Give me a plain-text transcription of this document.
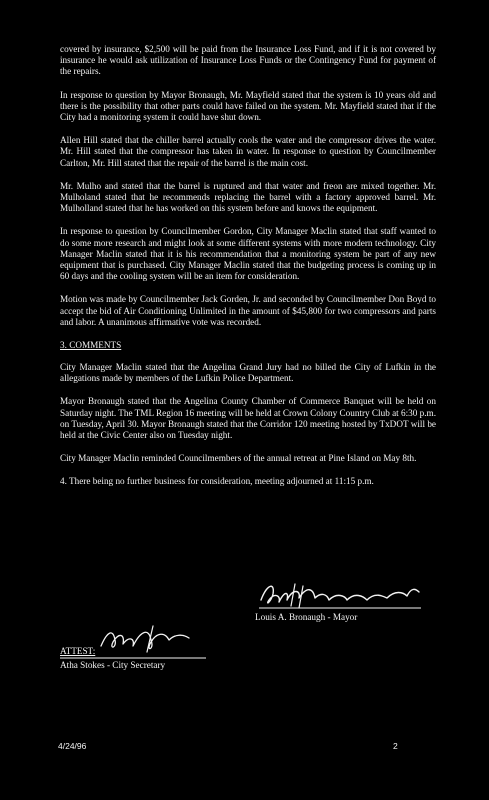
covered by insurance, $2,500 will be paid from the Insurance Loss Fund, and if it is not covered by insurance he would ask utilization of Insurance Loss Funds or the Contingency Fund for payment of the repairs.

In response to question by Mayor Bronaugh, Mr. Mayfield stated that the system is 10 years old and there is the possibility that other parts could have failed on the system. Mr. Mayfield stated that if the City had a monitoring system it could have shut down.

Allen Hill stated that the chiller barrel actually cools the water and the compressor drives the water. Mr. Hill stated that the compressor has taken in water. In response to question by Councilmember Carlton, Mr. Hill stated that the repair of the barrel is the main cost.

Mr. Mulho and stated that the barrel is ruptured and that water and freon are mixed together. Mr. Mulholand stated that he recommends replacing the barrel with a factory approved barrel. Mr. Mulholland stated that he has worked on this system before and knows the equipment.

In response to question by Councilmember Gordon, City Manager Maclin stated that staff wanted to do some more research and might look at some different systems with more modern technology. City Manager Maclin stated that it is his recommendation that a monitoring system be part of any new equipment that is purchased. City Manager Maclin stated that the budgeting process is coming up in 60 days and the cooling system will be an item for consideration.

Motion was made by Councilmember Jack Gorden, Jr. and seconded by Councilmember Don Boyd to accept the bid of Air Conditioning Unlimited in the amount of $45,800 for two compressors and parts and labor. A unanimous affirmative vote was recorded.

3. COMMENTS

City Manager Maclin stated that the Angelina Grand Jury had no billed the City of Lufkin in the allegations made by members of the Lufkin Police Department.

Mayor Bronaugh stated that the Angelina County Chamber of Commerce Banquet will be held on Saturday night. The TML Region 16 meeting will be held at Crown Colony Country Club at 6:30 p.m. on Tuesday, April 30. Mayor Bronaugh stated that the Corridor 120 meeting hosted by TxDOT will be held at the Civic Center also on Tuesday night.

City Manager Maclin reminded Councilmembers of the annual retreat at Pine Island on May 8th.

4. There being no further business for consideration, meeting adjourned at 11:15 p.m.

Louis A. Bronaugh - Mayor
ATTEST:
Atha Stokes - City Secretary
4/24/96	2
